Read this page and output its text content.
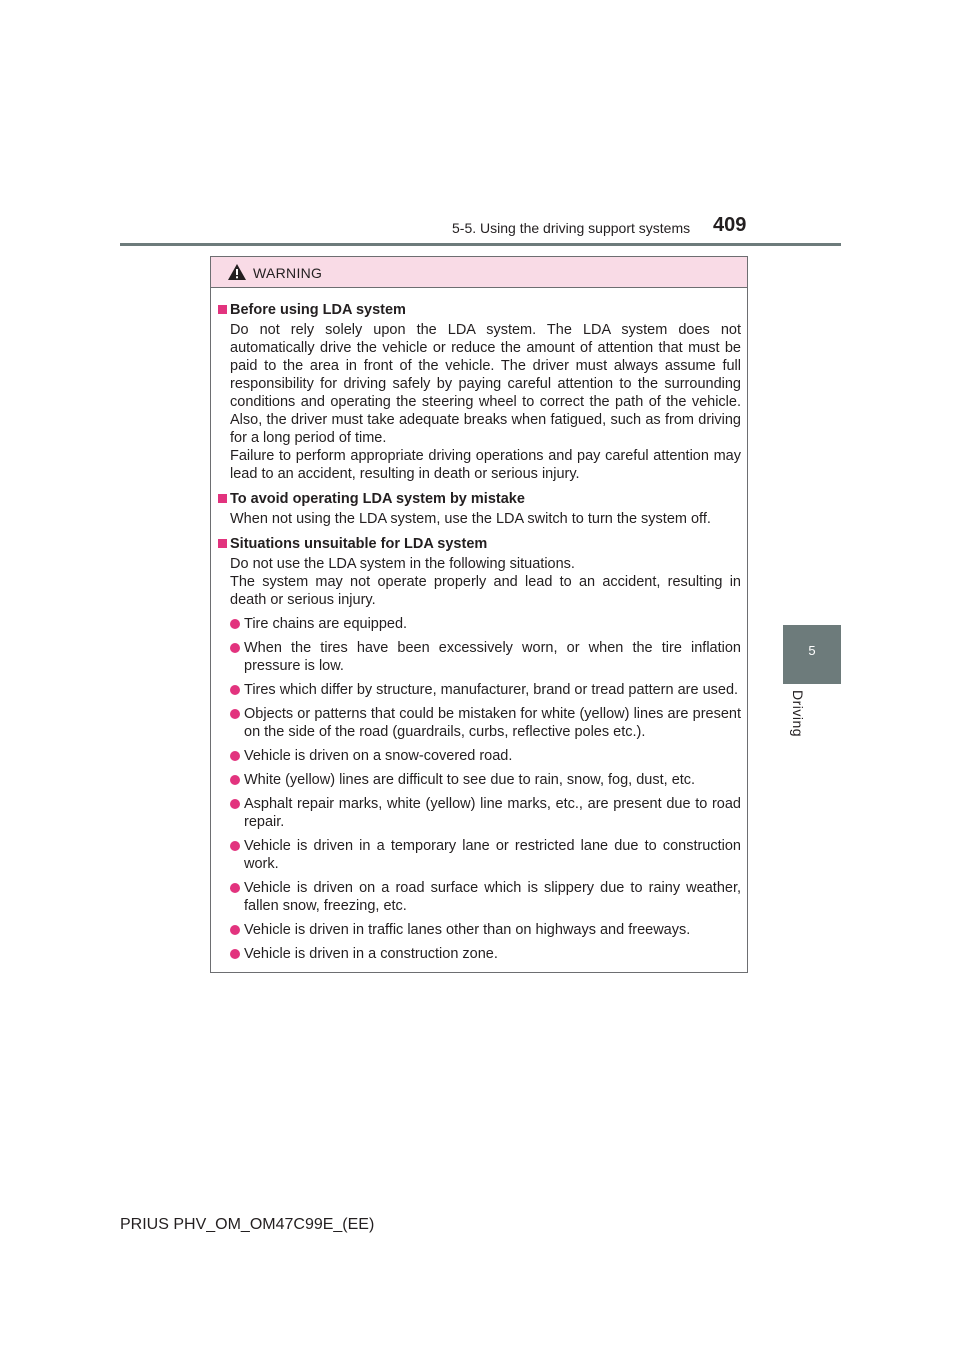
5-5. Using the driving support systems 409
5
Driving
WARNING
Before using LDA system
Do not rely solely upon the LDA system. The LDA system does not automatically drive the vehicle or reduce the amount of attention that must be paid to the area in front of the vehicle. The driver must always assume full responsibility for driving safely by paying careful attention to the surrounding conditions and operating the steering wheel to correct the path of the vehicle. Also, the driver must take adequate breaks when fatigued, such as from driving for a long period of time.
Failure to perform appropriate driving operations and pay careful attention may lead to an accident, resulting in death or serious injury.
To avoid operating LDA system by mistake
When not using the LDA system, use the LDA switch to turn the system off.
Situations unsuitable for LDA system
Do not use the LDA system in the following situations.
The system may not operate properly and lead to an accident, resulting in death or serious injury.
Tire chains are equipped.
When the tires have been excessively worn, or when the tire inflation pressure is low.
Tires which differ by structure, manufacturer, brand or tread pattern are used.
Objects or patterns that could be mistaken for white (yellow) lines are present on the side of the road (guardrails, curbs, reflective poles etc.).
Vehicle is driven on a snow-covered road.
White (yellow) lines are difficult to see due to rain, snow, fog, dust, etc.
Asphalt repair marks, white (yellow) line marks, etc., are present due to road repair.
Vehicle is driven in a temporary lane or restricted lane due to construction work.
Vehicle is driven on a road surface which is slippery due to rainy weather, fallen snow, freezing, etc.
Vehicle is driven in traffic lanes other than on highways and freeways.
Vehicle is driven in a construction zone.
PRIUS PHV_OM_OM47C99E_(EE)
